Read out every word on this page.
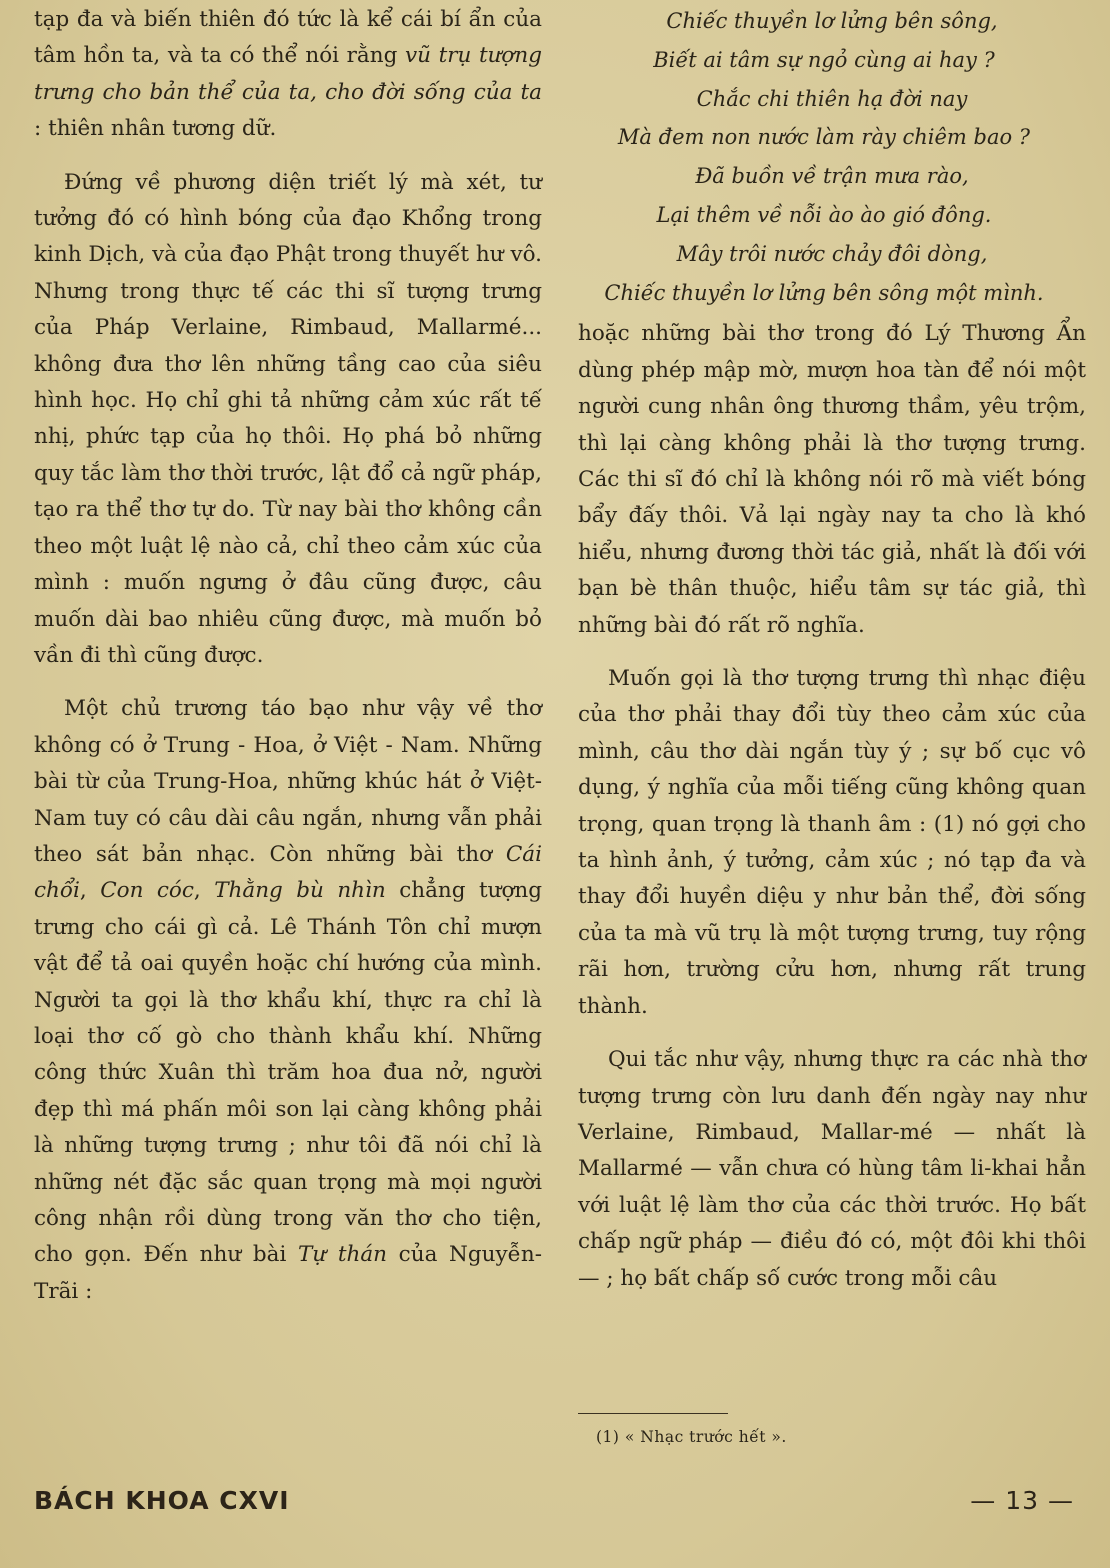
tạp đa và biến thiên đó tức là kể cái bí ẩn của tâm hồn ta, và ta có thể nói rằng vũ trụ tượng trưng cho bản thể của ta, cho đời sống của ta : thiên nhân tương dữ.

Đứng về phương diện triết lý mà xét, tư tưởng đó có hình bóng của đạo Khổng trong kinh Dịch, và của đạo Phật trong thuyết hư vô. Nhưng trong thực tế các thi sĩ tượng trưng của Pháp Verlaine, Rimbaud, Mallarmé... không đưa thơ lên những tầng cao của siêu hình học. Họ chỉ ghi tả những cảm xúc rất tế nhị, phức tạp của họ thôi. Họ phá bỏ những quy tắc làm thơ thời trước, lật đổ cả ngữ pháp, tạo ra thể thơ tự do. Từ nay bài thơ không cần theo một luật lệ nào cả, chỉ theo cảm xúc của mình : muốn ngưng ở đâu cũng được, câu muốn dài bao nhiêu cũng được, mà muốn bỏ vần đi thì cũng được.

Một chủ trương táo bạo như vậy về thơ không có ở Trung - Hoa, ở Việt - Nam. Những bài từ của Trung-Hoa, những khúc hát ở Việt-Nam tuy có câu dài câu ngắn, nhưng vẫn phải theo sát bản nhạc. Còn những bài thơ Cái chổi, Con cóc, Thằng bù nhìn chẳng tượng trưng cho cái gì cả. Lê Thánh Tôn chỉ mượn vật để tả oai quyền hoặc chí hướng của mình. Người ta gọi là thơ khẩu khí, thực ra chỉ là loại thơ cố gò cho thành khẩu khí. Những công thức Xuân thì trăm hoa đua nở, người đẹp thì má phấn môi son lại càng không phải là những tượng trưng ; như tôi đã nói chỉ là những nét đặc sắc quan trọng mà mọi người công nhận rồi dùng trong văn thơ cho tiện, cho gọn. Đến như bài Tự thán của Nguyễn-Trãi :

Chiếc thuyền lơ lửng bên sông,
Biết ai tâm sự ngỏ cùng ai hay ?
Chắc chi thiên hạ đời nay
Mà đem non nước làm rày chiêm bao ?
Đã buồn về trận mưa rào,
Lại thêm về nỗi ào ào gió đông.
Mây trôi nước chảy đôi dòng,
Chiếc thuyền lơ lửng bên sông một mình.

hoặc những bài thơ trong đó Lý Thương Ẩn dùng phép mập mờ, mượn hoa tàn để nói một người cung nhân ông thương thầm, yêu trộm, thì lại càng không phải là thơ tượng trưng. Các thi sĩ đó chỉ là không nói rõ mà viết bóng bẩy đấy thôi. Vả lại ngày nay ta cho là khó hiểu, nhưng đương thời tác giả, nhất là đối với bạn bè thân thuộc, hiểu tâm sự tác giả, thì những bài đó rất rõ nghĩa.

Muốn gọi là thơ tượng trưng thì nhạc điệu của thơ phải thay đổi tùy theo cảm xúc của mình, câu thơ dài ngắn tùy ý ; sự bố cục vô dụng, ý nghĩa của mỗi tiếng cũng không quan trọng, quan trọng là thanh âm : (1) nó gợi cho ta hình ảnh, ý tưởng, cảm xúc ; nó tạp đa và thay đổi huyền diệu y như bản thể, đời sống của ta mà vũ trụ là một tượng trưng, tuy rộng rãi hơn, trường cửu hơn, nhưng rất trung thành.

Qui tắc như vậy, nhưng thực ra các nhà thơ tượng trưng còn lưu danh đến ngày nay như Verlaine, Rimbaud, Mallar-mé — nhất là Mallarmé — vẫn chưa có hùng tâm li-khai hẳn với luật lệ làm thơ của các thời trước. Họ bất chấp ngữ pháp — điều đó có, một đôi khi thôi — ; họ bất chấp số cước trong mỗi câu

(1) « Nhạc trước hết ».
BÁCH KHOA CXVI	— 13 —
